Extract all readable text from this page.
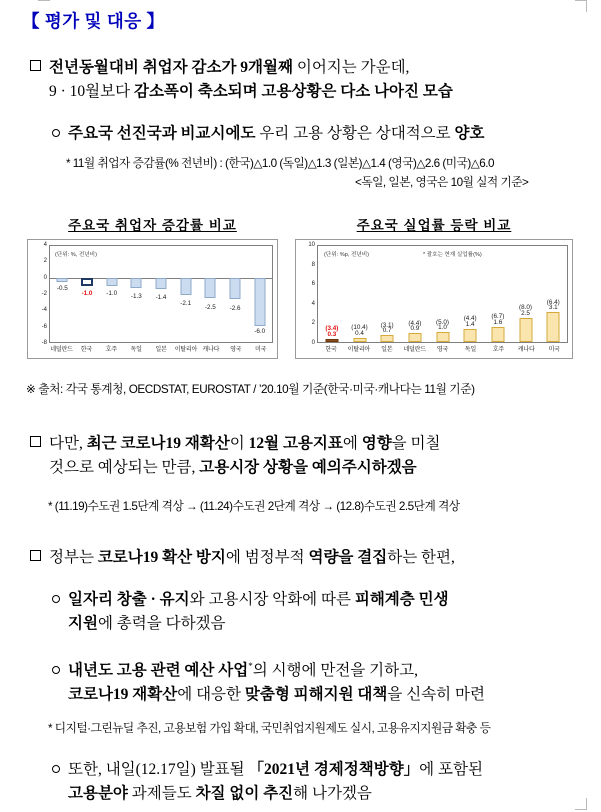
【 평가 및 대응 】
전년동월대비 취업자 감소가 9개월째 이어지는 가운데,
9 · 10월보다 감소폭이 축소되며 고용상황은 다소 나아진 모습
주요국 선진국과 비교시에도 우리 고용 상황은 상대적으로 양호
* 11월 취업자 증감률(% 전년비) : (한국)△1.0 (독일)△1.3 (일본)△1.4 (영국)△2.6 (미국)△6.0
<독일, 일본, 영국은 10월 실적 기준>
주요국 취업자 증감률 비교
4
2
0
-2
-4
-6
-8
(단위: %, 전년비)
-0.5
-1.0 -1.0 -1.3 -1.4
-2.1
-2.5 -2.6
-6.0
네덜란드	한국	호주	독일	일본	이탈리아 캐나다	영국	미국
주요국 실업률 등락 비교
10
8
6
4
2
0
(단위: %p, 전년비)	* 괄호는 현재 실업률(%)
0.3
(3.4)
0.4
(10.4) 0.7
(3.1)
0.9
(4.4)
1.0
(5.0)	1.4
(4.4)
1.6
(6.7)	2.5
(8.0)	3.1
(6.4)
한국	이탈리아	일본	네덜란드	영국	독일	호주	캐나다	미국
※ 출처: 각국 통계청, OECDSTAT, EUROSTAT / ’20.10월 기준(한국·미국·캐나다는 11월 기준)
다만, 최근 코로나19 재확산이 12월 고용지표에 영향을 미칠
것으로 예상되는 만큼, 고용시장 상황을 예의주시하겠음
* (11.19)수도권 1.5단계 격상 → (11.24)수도권 2단계 격상 → (12.8)수도권 2.5단계 격상
정부는 코로나19 확산 방지에 범정부적 역량을 결집하는 한편,
일자리 창출 · 유지와 고용시장 악화에 따른 피해계층 민생
지원에 총력을 다하겠음
내년도 고용 관련 예산 사업*의 시행에 만전을 기하고,
코로나19 재확산에 대응한 맞춤형 피해지원 대책을 신속히 마련
* 디지털·그린뉴딜 추진, 고용보험 가입 확대, 국민취업지원제도 실시, 고용유지지원금 확충 등
또한, 내일(12.17일) 발표될 「2021년 경제정책방향」에 포함된
고용분야 과제들도 차질 없이 추진해 나가겠음
